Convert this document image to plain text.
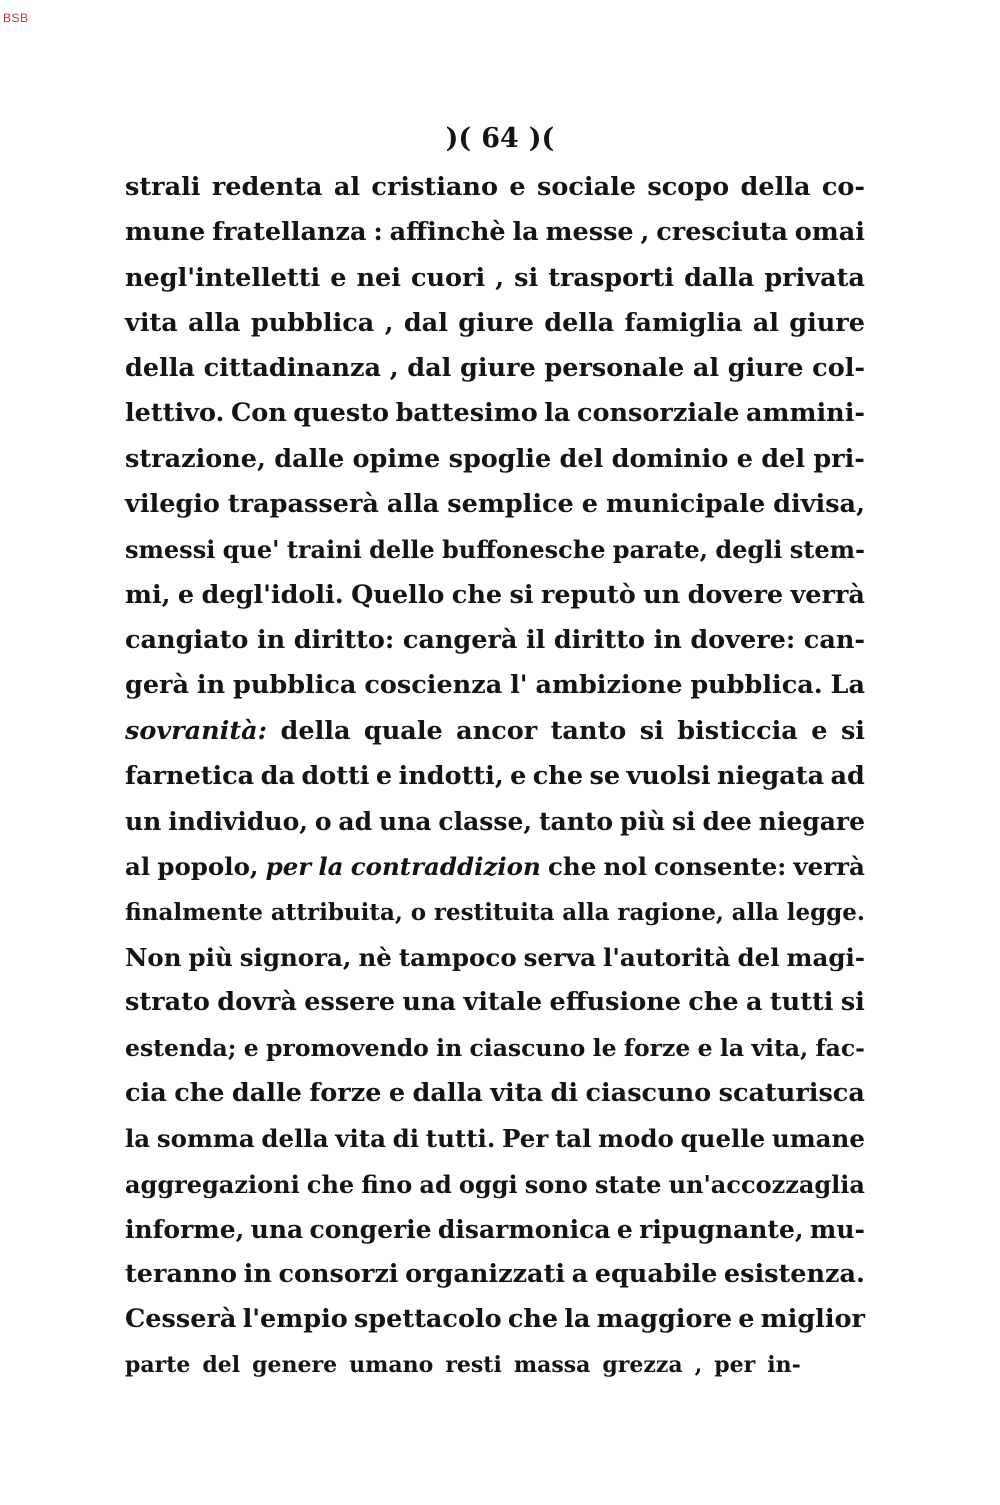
BSB
)( 64 )(
strali redenta al cristiano e sociale scopo della co-
mune fratellanza : affinchè la messe , cresciuta omai
negl'intelletti e nei cuori , si trasporti dalla privata
vita alla pubblica , dal giure della famiglia al giure
della cittadinanza , dal giure personale al giure col-
lettivo. Con questo battesimo la consorziale ammini-
strazione, dalle opime spoglie del dominio e del pri-
vilegio trapasserà alla semplice e municipale divisa,
smessi que' traini delle buffonesche parate, degli stem-
mi, e degl'idoli. Quello che si reputò un dovere verrà
cangiato in diritto: cangerà il diritto in dovere: can-
gerà in pubblica coscienza l' ambizione pubblica. La
sovranità: della quale ancor tanto si bisticcia e si
farnetica da dotti e indotti, e che se vuolsi niegata ad
un individuo, o ad una classe, tanto più si dee niegare
al popolo, per la contraddizion che nol consente: verrà
finalmente attribuita, o restituita alla ragione, alla legge.
Non più signora, nè tampoco serva l'autorità del magi-
strato dovrà essere una vitale effusione che a tutti si
estenda; e promovendo in ciascuno le forze e la vita, fac-
cia che dalle forze e dalla vita di ciascuno scaturisca
la somma della vita di tutti. Per tal modo quelle umane
aggregazioni che fino ad oggi sono state un'accozzaglia
informe, una congerie disarmonica e ripugnante, mu-
teranno in consorzi organizzati a equabile esistenza.
Cesserà l'empio spettacolo che la maggiore e miglior
parte del genere umano resti massa grezza , per in-
